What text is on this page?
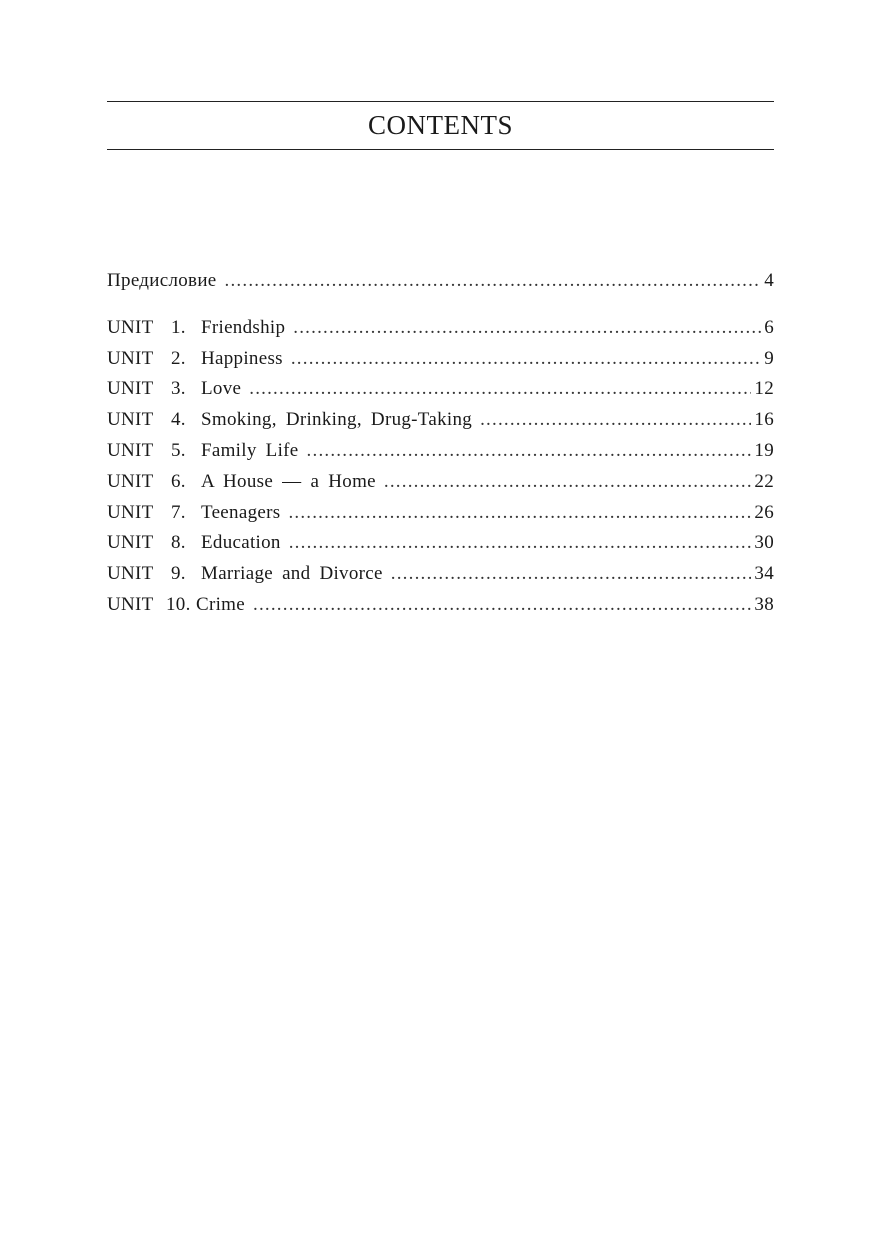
CONTENTS
Предисловие .....	4
UNIT 1. Friendship .....	6
UNIT 2. Happiness .....	9
UNIT 3. Love .....	12
UNIT 4. Smoking, Drinking, Drug-Taking .....	16
UNIT 5. Family Life .....	19
UNIT 6. A House — a Home .....	22
UNIT 7. Teenagers .....	26
UNIT 8. Education .....	30
UNIT 9. Marriage and Divorce .....	34
UNIT 10. Crime .....	38
